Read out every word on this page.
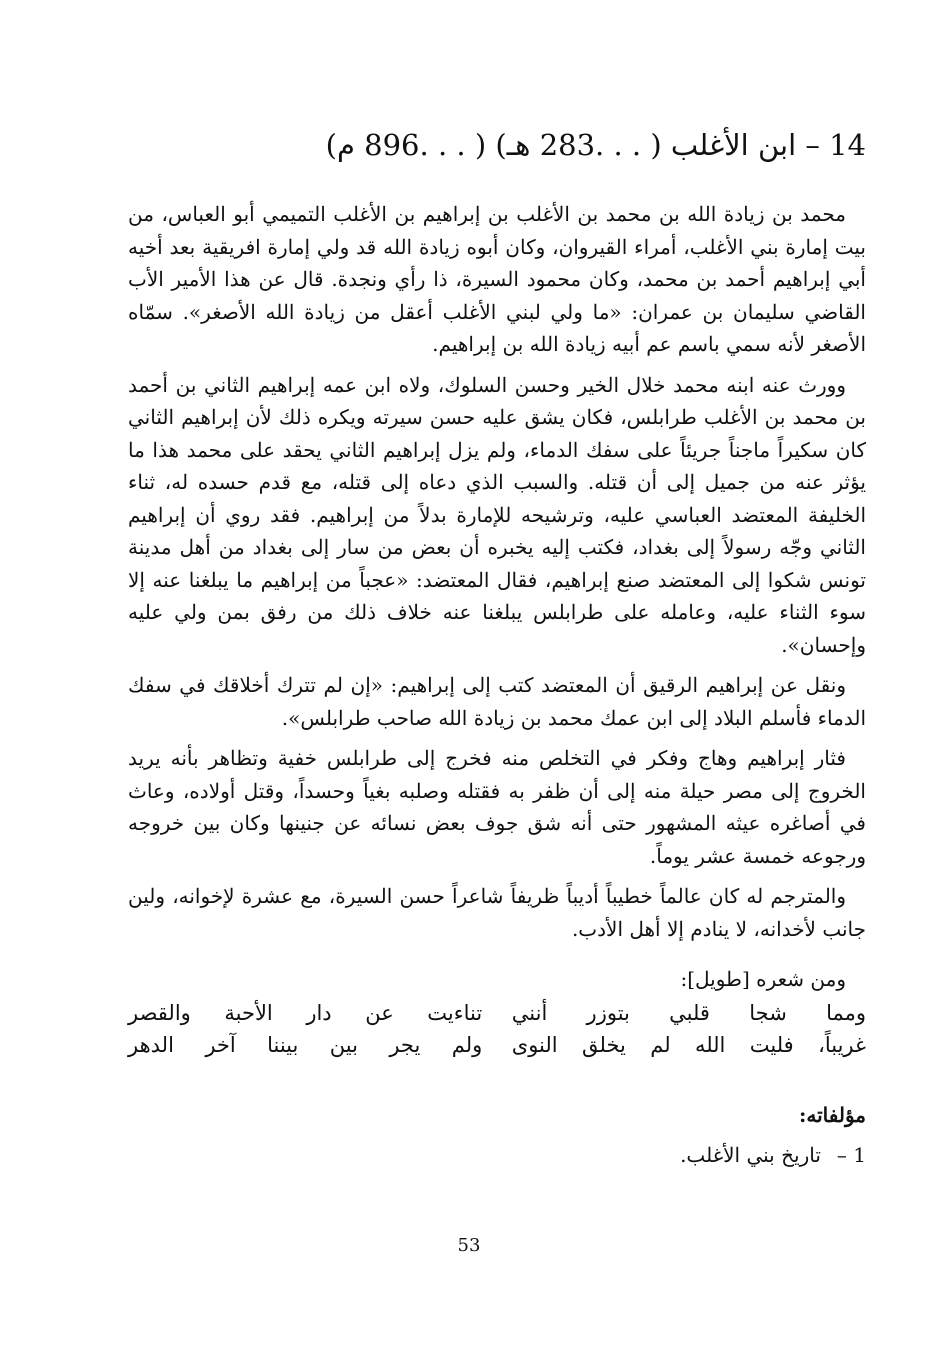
14 – ابن الأغلب ( . . .283 هـ) ( . . .896 م)

محمد بن زيادة الله بن محمد بن الأغلب بن إبراهيم بن الأغلب التميمي أبو العباس، من بيت إمارة بني الأغلب، أمراء القيروان، وكان أبوه زيادة الله قد ولي إمارة افريقية بعد أخيه أبي إبراهيم أحمد بن محمد، وكان محمود السيرة، ذا رأي ونجدة. قال عن هذا الأمير الأب القاضي سليمان بن عمران: «ما ولي لبني الأغلب أعقل من زيادة الله الأصغر». سمّاه الأصغر لأنه سمي باسم عم أبيه زيادة الله بن إبراهيم.

وورث عنه ابنه محمد خلال الخير وحسن السلوك، ولاه ابن عمه إبراهيم الثاني بن أحمد بن محمد بن الأغلب طرابلس، فكان يشق عليه حسن سيرته ويكره ذلك لأن إبراهيم الثاني كان سكيراً ماجناً جريئاً على سفك الدماء، ولم يزل إبراهيم الثاني يحقد على محمد هذا ما يؤثر عنه من جميل إلى أن قتله. والسبب الذي دعاه إلى قتله، مع قدم حسده له، ثناء الخليفة المعتضد العباسي عليه، وترشيحه للإمارة بدلاً من إبراهيم. فقد روي أن إبراهيم الثاني وجّه رسولاً إلى بغداد، فكتب إليه يخبره أن بعض من سار إلى بغداد من أهل مدينة تونس شكوا إلى المعتضد صنع إبراهيم، فقال المعتضد: «عجباً من إبراهيم ما يبلغنا عنه إلا سوء الثناء عليه، وعامله على طرابلس يبلغنا عنه خلاف ذلك من رفق بمن ولي عليه وإحسان».

ونقل عن إبراهيم الرقيق أن المعتضد كتب إلى إبراهيم: «إن لم تترك أخلاقك في سفك الدماء فأسلم البلاد إلى ابن عمك محمد بن زيادة الله صاحب طرابلس».

فثار إبراهيم وهاج وفكر في التخلص منه فخرج إلى طرابلس خفية وتظاهر بأنه يريد الخروج إلى مصر حيلة منه إلى أن ظفر به فقتله وصلبه بغياً وحسداً، وقتل أولاده، وعاث في أصاغره عيثه المشهور حتى أنه شق جوف بعض نسائه عن جنينها وكان بين خروجه ورجوعه خمسة عشر يوماً.

والمترجم له كان عالماً خطيباً أديباً ظريفاً شاعراً حسن السيرة، مع عشرة لإخوانه، ولين جانب لأخدانه، لا ينادم إلا أهل الأدب.

ومن شعره [طويل]:

ومما شجا قلبي بتوزر أنني
تناءيت عن دار الأحبة والقصر
غريباً، فليت الله لم يخلق النوى
ولم يجر بين بيننا آخر الدهر
مؤلفاته:

1 –تاريخ بني الأغلب.

53
